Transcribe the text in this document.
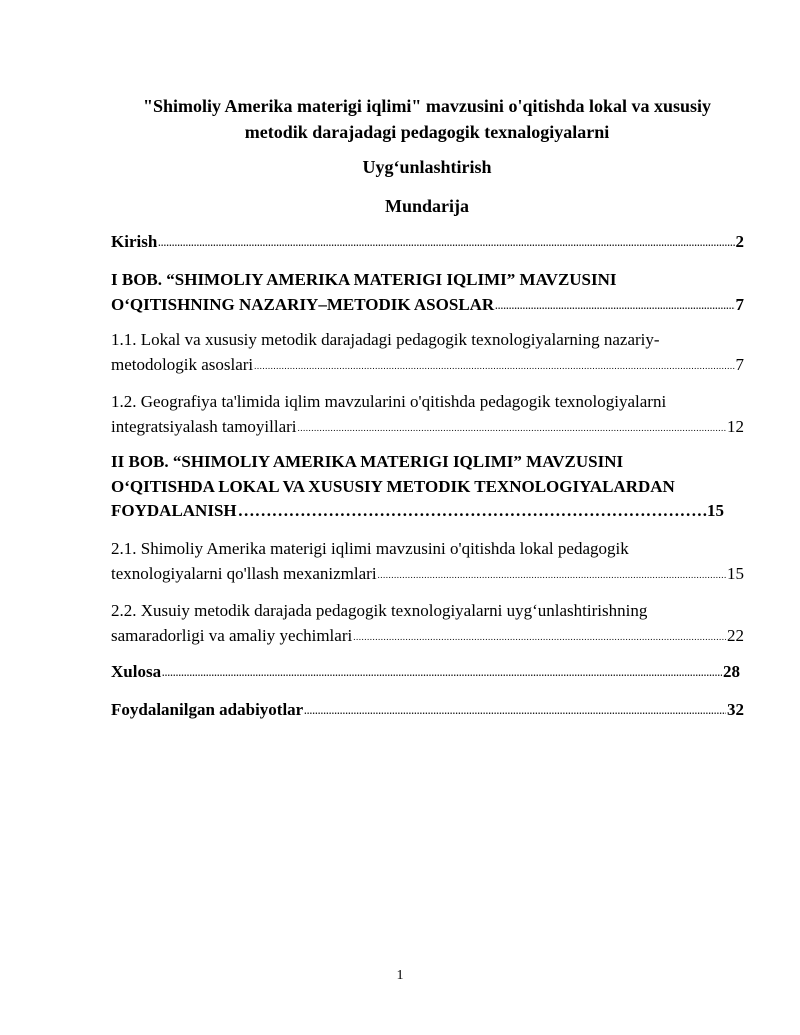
"Shimoliy Amerika materigi iqlimi" mavzusini o'qitishda lokal va xususiy
metodik darajadagi pedagogik texnalogiyalarni
Uyg‘unlashtirish
Mundarija
Kirish .....	2
I BOB. “SHIMOLIY AMERIKA MATERIGI IQLIMI” MAVZUSINI
O‘QITISHNING NAZARIY–METODIK ASOSLAR .....	7
1.1. Lokal va xususiy metodik darajadagi pedagogik texnologiyalarning nazariy-
metodologik asoslari .....	7
1.2. Geografiya ta'limida iqlim mavzularini o'qitishda pedagogik texnologiyalarni
integratsiyalash tamoyillari .....	12
II BOB. “SHIMOLIY AMERIKA MATERIGI IQLIMI” MAVZUSINI
O‘QITISHDA LOKAL VA XUSUSIY METODIK TEXNOLOGIYALARDAN
FOYDALANISH …………………………………………………………………………………………………………………………………………………………………………………………	.15
2.1. Shimoliy Amerika materigi iqlimi mavzusini o'qitishda lokal pedagogik
texnologiyalarni qo'llash mexanizmlari .....	15
2.2. Xusuiy metodik darajada pedagogik texnologiyalarni uyg‘unlashtirishning
samaradorligi va amaliy yechimlari .....	22
Xulosa .....	28
Foydalanilgan adabiyotlar .....	32
1
